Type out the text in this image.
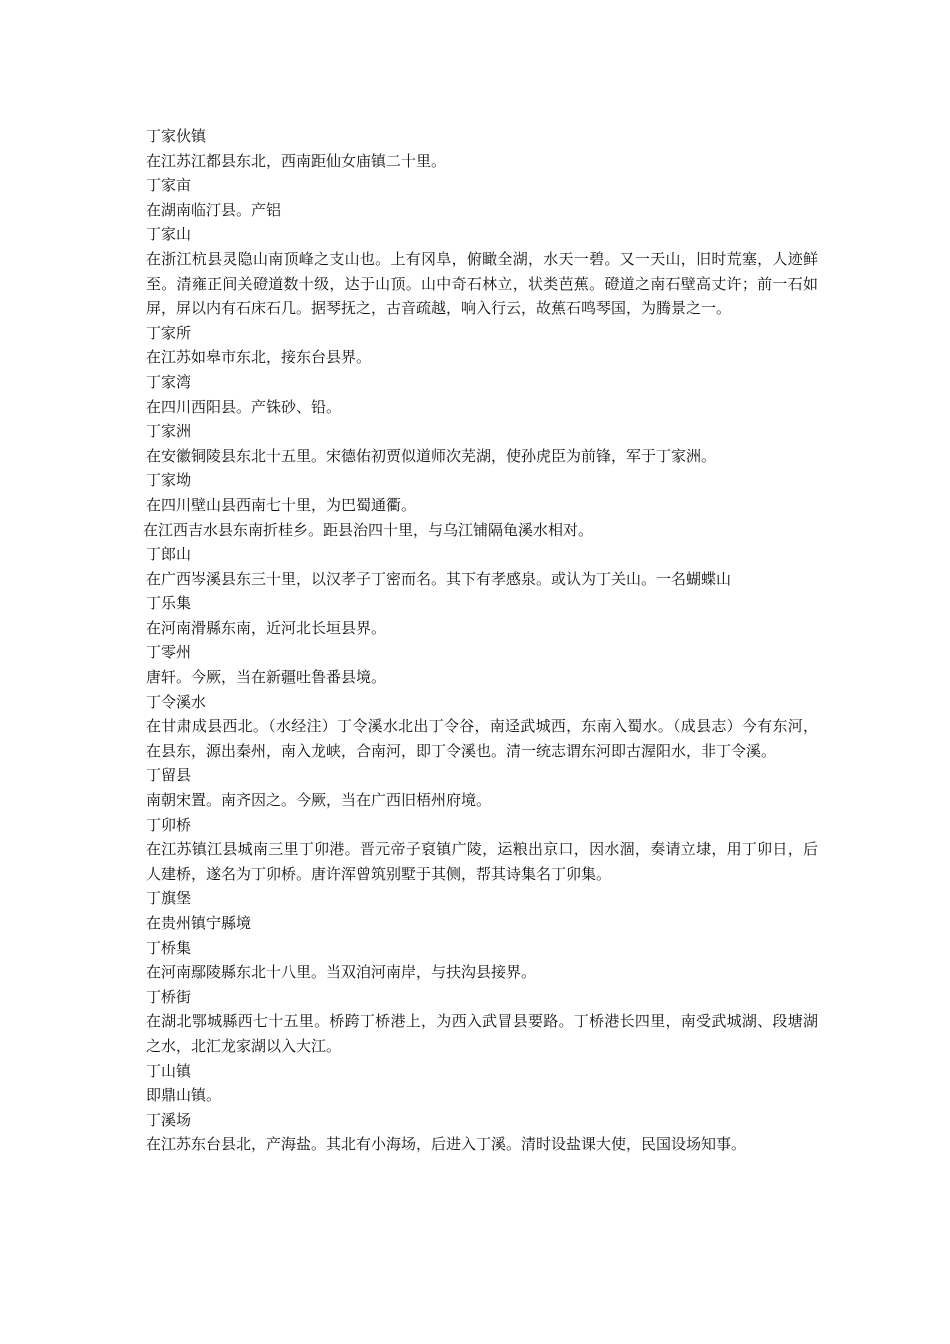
丁家伙镇
在江苏江都县东北，西南距仙女庙镇二十里。
丁家亩
在湖南临汀县。产铝
丁家山
在浙江杭县灵隐山南顶峰之支山也。上有冈阜，俯瞰全湖，水天一碧。又一天山，旧时荒塞，人迹鲜至。清雍正间关磴道数十级，达于山顶。山中奇石林立，状类芭蕉。磴道之南石壁高丈许；前一石如屏，屏以内有石床石几。据琴抚之，古音疏越，响入行云，故蕉石鸣琴国，为腾景之一。
丁家所
在江苏如皋市东北，接东台县界。
丁家湾
在四川西阳县。产铢砂、铅。
丁家洲
在安徽铜陵县东北十五里。宋德佑初贾似道师次芜湖，使孙虎臣为前锋，军于丁家洲。
丁家坳
在四川壁山县西南七十里，为巴蜀通衢。
在江西吉水县东南折桂乡。距县治四十里，与乌江铺隔龟溪水相对。
丁郎山
在广西岑溪县东三十里，以汉孝子丁密而名。其下有孝感泉。或认为丁关山。一名蝴蝶山
丁乐集
在河南滑縣东南，近河北长垣县界。
丁零州
唐轩。今厥，当在新疆吐鲁番县境。
丁令溪水
在甘肃成县西北。（水经注）丁令溪水北出丁令谷，南迳武城西，东南入蜀水。（成县志）今有东河，在县东，源出秦州，南入龙峡，合南河，即丁令溪也。清一统志谓东河即古渥阳水，非丁令溪。
丁留县
南朝宋置。南齐因之。今厥，当在广西旧梧州府境。
丁卯桥
在江苏镇江县城南三里丁卯港。晋元帝子裒镇广陵，运粮出京口，因水涸，奏请立埭，用丁卯日，后人建桥，遂名为丁卯桥。唐许浑曾筑别墅于其侧，帮其诗集名丁卯集。
丁旗堡
在贵州镇宁縣境
丁桥集
在河南鄢陵縣东北十八里。当双洎河南岸，与扶沟县接界。
丁桥街
在湖北鄂城縣西七十五里。桥跨丁桥港上，为西入武冒县要路。丁桥港长四里，南受武城湖、段塘湖之水，北汇龙家湖以入大江。
丁山镇
即鼎山镇。
丁溪场
在江苏东台县北，产海盐。其北有小海场，后进入丁溪。清时设盐课大使，民国设场知事。
